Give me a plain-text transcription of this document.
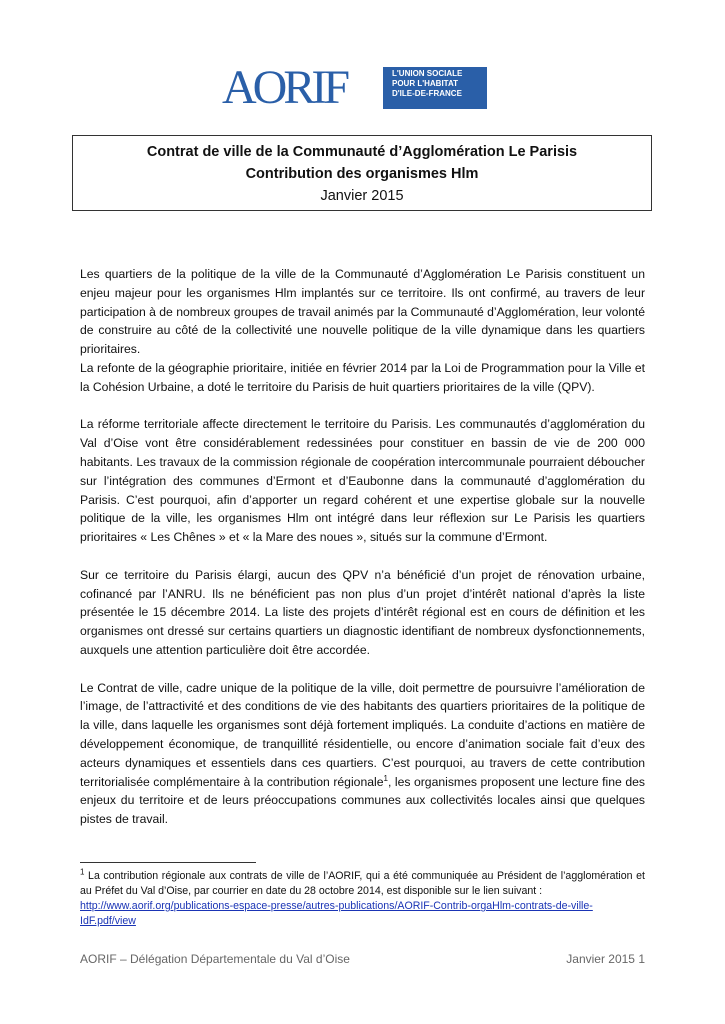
AORIF	L'UNION SOCIALE
POUR L'HABITAT
D'ILE-DE-FRANCE
Contrat de ville de la Communauté d’Agglomération Le Parisis
Contribution des organismes Hlm
Janvier 2015

Les quartiers de la politique de la ville de la Communauté d’Agglomération Le Parisis constituent un enjeu majeur pour les organismes Hlm implantés sur ce territoire. Ils ont confirmé, au travers de leur participation à de nombreux groupes de travail animés par la Communauté d’Agglomération, leur volonté de construire au côté de la collectivité une nouvelle politique de la ville dynamique dans les quartiers prioritaires.

La refonte de la géographie prioritaire, initiée en février 2014 par la Loi de Programmation pour la Ville et la Cohésion Urbaine, a doté le territoire du Parisis de huit quartiers prioritaires de la ville (QPV).

La réforme territoriale affecte directement le territoire du Parisis. Les communautés d’agglomération du Val d’Oise vont être considérablement redessinées pour constituer en bassin de vie de 200 000 habitants. Les travaux de la commission régionale de coopération intercommunale pourraient déboucher sur l’intégration des communes d’Ermont et d’Eaubonne dans la communauté d’agglomération du Parisis. C’est pourquoi, afin d’apporter un regard cohérent et une expertise globale sur la nouvelle politique de la ville, les organismes Hlm ont intégré dans leur réflexion sur Le Parisis les quartiers prioritaires « Les Chênes » et « la Mare des noues », situés sur la commune d’Ermont.

Sur ce territoire du Parisis élargi, aucun des QPV n’a bénéficié d’un projet de rénovation urbaine, cofinancé par l’ANRU. Ils ne bénéficient pas non plus d’un projet d’intérêt national d’après la liste présentée le 15 décembre 2014. La liste des projets d’intérêt régional est en cours de définition et les organismes ont dressé sur certains quartiers un diagnostic identifiant de nombreux dysfonctionnements, auxquels une attention particulière doit être accordée.

Le Contrat de ville, cadre unique de la politique de la ville, doit permettre de poursuivre l’amélioration de l’image, de l’attractivité et des conditions de vie des habitants des quartiers prioritaires de la politique de la ville, dans laquelle les organismes sont déjà fortement impliqués. La conduite d’actions en matière de développement économique, de tranquillité résidentielle, ou encore d’animation sociale fait d’eux des acteurs dynamiques et essentiels dans ces quartiers. C’est pourquoi, au travers de cette contribution territorialisée complémentaire à la contribution régionale$^1$, les organismes proposent une lecture fine des enjeux du territoire et de leurs préoccupations communes aux collectivités locales ainsi que quelques pistes de travail.

$^1$ La contribution régionale aux contrats de ville de l’AORIF, qui a été communiquée au Président de l’agglomération et au Préfet du Val d’Oise, par courrier en date du 28 octobre 2014, est disponible sur le lien suivant :
http://www.aorif.org/publications-espace-presse/autres-publications/AORIF-Contrib-orgaHlm-contrats-de-ville-IdF.pdf/view
AORIF – Délégation Départementale du Val d’Oise	Janvier 2015 1
